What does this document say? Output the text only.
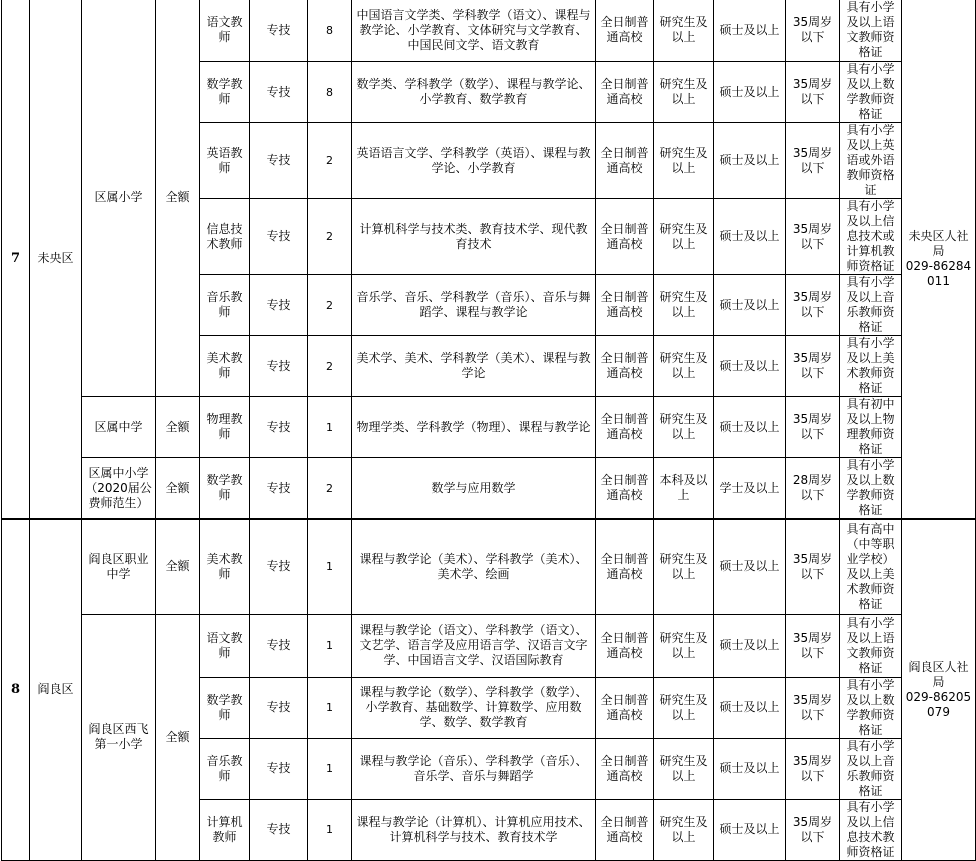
7	未央区	区属小学	全额	语文教师	专技	8	中国语言文学类、学科教学（语文）、课程与教学论、小学教育、文体研究与文学教育、中国民间文学、语文教育	全日制普通高校	研究生及以上	硕士及以上	35周岁以下	具有小学及以上语文教师资格证	未央区人社局
029-86284011

				数学教师	专技	8	数学类、学科教学（数学）、课程与教学论、小学教育、数学教育	全日制普通高校	研究生及以上	硕士及以上	35周岁以下	具有小学及以上数学教师资格证	
				英语教师	专技	2	英语语言文学、学科教学（英语）、课程与教学论、小学教育	全日制普通高校	研究生及以上	硕士及以上	35周岁以下	具有小学及以上英语或外语教师资格证	
				信息技术教师	专技	2	计算机科学与技术类、教育技术学、现代教育技术	全日制普通高校	研究生及以上	硕士及以上	35周岁以下	具有小学及以上信息技术或计算机教师资格证	
				音乐教师	专技	2	音乐学、音乐、学科教学（音乐）、音乐与舞蹈学、课程与教学论	全日制普通高校	研究生及以上	硕士及以上	35周岁以下	具有小学及以上音乐教师资格证	
				美术教师	专技	2	美术学、美术、学科教学（美术）、课程与教学论	全日制普通高校	研究生及以上	硕士及以上	35周岁以下	具有小学及以上美术教师资格证	
		区属中学	全额	物理教师	专技	1	物理学类、学科教学（物理）、课程与教学论	全日制普通高校	研究生及以上	硕士及以上	35周岁以下	具有初中及以上物理教师资格证	
		区属中小学（2020届公费师范生）	全额	数学教师	专技	2	数学与应用数学	全日制普通高校	本科及以上	学士及以上	28周岁以下	具有小学及以上数学教师资格证	
8	阎良区	阎良区职业中学	全额	美术教师	专技	1	课程与教学论（美术）、学科教学（美术）、美术学、绘画	全日制普通高校	研究生及以上	硕士及以上	35周岁以下	具有高中（中等职业学校）及以上美术教师资格证	阎良区人社局
029-86205079

		阎良区西飞第一小学	全额	语文教师	专技	1	课程与教学论（语文）、学科教学（语文）、文艺学、语言学及应用语言学、汉语言文字学、中国语言文学、汉语国际教育	全日制普通高校	研究生及以上	硕士及以上	35周岁以下	具有小学及以上语文教师资格证	
				数学教师	专技	1	课程与教学论（数学）、学科教学（数学）、小学教育、基础数学、计算数学、应用数学、数学、数学教育	全日制普通高校	研究生及以上	硕士及以上	35周岁以下	具有小学及以上数学教师资格证	
				音乐教师	专技	1	课程与教学论（音乐）、学科教学（音乐）、音乐学、音乐与舞蹈学	全日制普通高校	研究生及以上	硕士及以上	35周岁以下	具有小学及以上音乐教师资格证	
				计算机教师	专技	1	课程与教学论（计算机）、计算机应用技术、计算机科学与技术、教育技术学	全日制普通高校	研究生及以上	硕士及以上	35周岁以下	具有小学及以上信息技术教师资格证	
